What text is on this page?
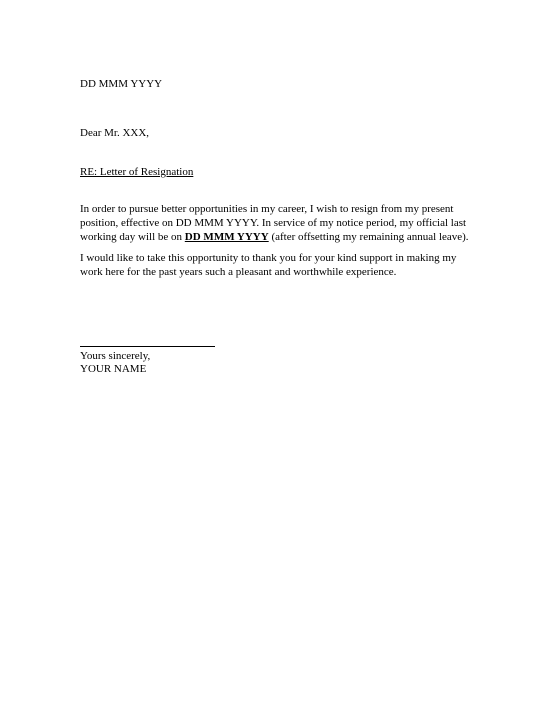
DD MMM YYYY
Dear Mr. XXX,
RE: Letter of Resignation
In order to pursue better opportunities in my career, I wish to resign from my present
position, effective on DD MMM YYYY. In service of my notice period, my official last
working day will be on DD MMM YYYY (after offsetting my remaining annual leave).
I would like to take this opportunity to thank you for your kind support in making my
work here for the past years such a pleasant and worthwhile experience.
Yours sincerely,
YOUR NAME
